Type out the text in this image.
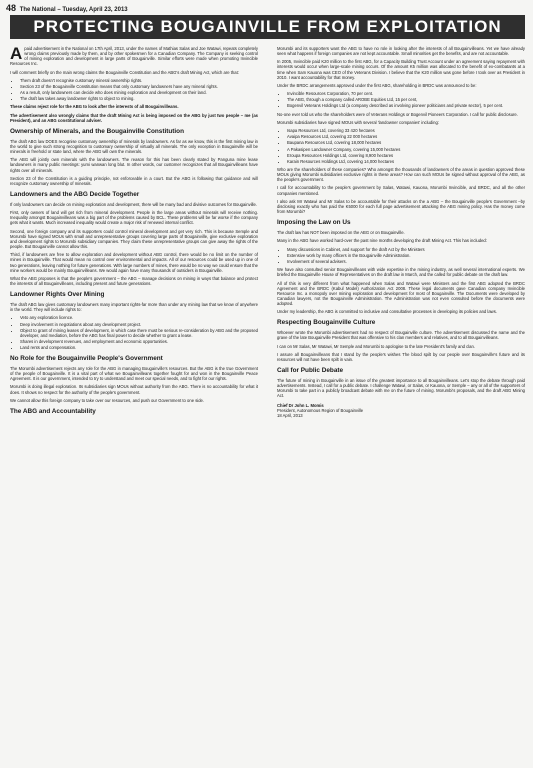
48 The National – Tuesday, April 23, 2013
PROTECTING BOUGAINVILLE FROM EXPLOITATION

Apaid advertisement in the National on 17th April, 2013, under the names of Mathias Salas and Joe Watawi, repeats completely wrong claims previously made by them, and by other spokesmen for a Canadian Company. The Company is seeking control of mining exploration and development in large parts of Bougainville. Similar efforts were made when promoting Invincible Resources Inc.

I will comment briefly on the main wrong claims the Bougainville Constitution and the ABG's draft Mining Act, which are that:

• Them draft doesn't recognise customary mineral ownership rights.
• Section 23 of the Bougainville Constitution means that only customary landowners have any mineral rights.
• As a result, only landowners can decide who does mining exploration and development on their land.
• The draft law takes away landowner rights to object to mining.

These claims reject role for the ABG to look after the interests of all Bougainvilleans.

The advertisement also wrongly claims that the draft Mining Act is being imposed on the ABG by just two people – me (as President), and an ABG constitutional adviser.

Ownership of Minerals, and the Bougainville Constitution

The draft ABG law DOES recognise customary ownership of minerals by landowners. As far as we know, this is the first mining law in the world to give such strong recognition to customary ownership of virtually all minerals. The only exception in Bougainville will be minerals in freehold or state land, where the ABG will own the minerals.

The ABG will jointly own minerals with the landowners. The reason for this has been clearly stated by Panguna mine lease landowners in many public meetings: yumi wanwan long blut. In other words, our customer recognizes that all Bougainvilleans have rights over all minerals.

Section 23 of the Constitution is a guiding principle, not enforceable in a court. But the ABG is following that guidance and will recognize customary ownership of minerals.

Landowners and the ABG Decide Together

If only landowners can decide on mining exploration and development, there will be many bad and divisive outcomes for Bougainville.

First, only owners of land will get rich from mineral development. People in the large areas without minerals will receive nothing. Inequality amongst Bougainvilleans was a big part of the problems caused by BCL. These problems will be far worse if the company gets what it wants. Much increased inequality would create a major risk of renewed internal conflict.

Second, one foreign company and its supporters could control mineral development and get very rich. This is because Semple and Morumbi have signed MOUs with small and unrepresentative groups covering large parts of Bougainville, give exclusive exploration and development rights to Morumbi subsidiary companies. They claim these unrepresentative groups can give away the rights of the people. But Bougainville cannot allow this.

Third, if landowners are free to allow exploration and development without ABG control, there would be no limit on the number of mines in Bougainville. That would mean no control over environmental and impacts. All of our resources could be used up in one of two generations, leaving nothing for future generations. With large numbers of mines, there would be no way we could ensure that the mine workers would be mainly Bougainvilleans. We would again have many thousands of outsiders in Bougainville.

What the ABG proposes is that the people's government – the ABG – manage decisions on mining in ways that balance and protect the interests of all Bougainvilleans, including present and future generations.

Landowner Rights Over Mining

The draft ABG law gives customary landowners many important rights-far more than under any mining law that we know of anywhere in the world. They will include rights to:

• Veto any exploration licence.
• Deep involvement in negotiations about any development project.
• Object to grant of mining leases of development, in which case there must be serious re-consideration by ABG and the proposed developer, and mediation, before the ABG has final power to decide whether to grant a lease.
• Shares in development revenues, and employment and economic opportunities.
• Land rents and compensation.
No Role for the Bougainville People's Government

The Morumbi advertisement rejects any role for the ABG in managing Bougainville's resources. But the ABG is the true Government of the people of Bougainville. It is a vital part of what we Bougainvilleans together fought for and won in the Bougainville Peace Agreement. It is our government, intended to try to understand and meet our special needs, and to fight for our rights.

Morumbi is doing illegal exploration. Its subsidiaries sign MOUs without authority from the ABG. There is no accountability for what it does. It shows no respect for the authority of the people's government.

We cannot allow this foreign company to take over our resources, and push our Government to one side.

The ABG and Accountability

Morumbi and its supporters want the ABG to have no role in looking after the interests of all Bougainvilleans. Yet we have already seen what happens if foreign companies are not kept accountable. Small minorities get the benefits, and are not accountable.

In 2005, Invincible paid K20 million to the first ABG, for a Capacity Building Trust Account under an agreement saying repayment with interests would occur when large-scale mining occurs. Of the amount K5 million was allocated to the benefit of ex-combatants at a time when Sam Kauona was CEO of the Veterans Division. I believe that the K20 million was gone before I took over as President in 2010. I want accountability for that money.

Under the BRDC arrangements approved under the first ABG, shareholding in BRDC was announced to be:

• Invincible Resources Corporation, 70 per cent.
• The ABG, through a company called AROBE Equities Ltd, 15 per cent,
• Bogenvil Veterans Holdings Ltd (a company described as involving pioneer politicians and private sector), 5 per cent.

No-one ever told us who the shareholders were of Veterans Holdings or Bogenvil Pioneers Corporation. I call for public disclosure.

Morumbi subsidiaries have signed MOUs with several 'landowner companies' including:

• Isapa Resources Ltd, covering 33 420 hectares
• Avaipa Resources Ltd, covering 22 000 hectares
• Baupana Resources Ltd, covering 18,000 hectares
• A Pakasipen Landowner Company, covering 15,000 hectares
• Eroupa Resources Holdings Ltd, covering 8,900 hectares
• Karain Resources Holdings Ltd, covering 14,000 hectares

Who are the shareholders of these companies? Who amongst the thousands of landowners of the areas in question approved these MOUs giving Morumbi subsidiaries exclusive rights in these areas? How can such MOUs be signed without approval of the ABG, as the people's government.

I call for accountability to the people's government by Salas, Watawi, Kauona, Morumbi Invincible, and BRDC, and all the other companies mentioned.

I also ask Mr Watawi and Mr Salas to be accountable for their attacks on the a ABG – the Bougainville people's Government –by disclosing exactly who has paid the K5000 for each full page advertisement attacking the ABG mining policy. Has the money come from Morumbi?

Imposing the Law on Us

The draft law has NOT been imposed on the ABG or on Bougainville.

Many in the ABG have worked hard-over the past nine months developing the draft Mining Act. This has included:

• Many discussions in Cabinet, and support for the draft Act by the Ministers
• Extensive work by many officers in the Bougainville Administration.
• Involvement of several advisers.

We have also consulted senior Bougainvilleans with wide expertise in the mining industry, as well several international experts. We briefed the Bougainville House of Representatives on the draft law in March, and the called for public debate on the draft law.

All of this is very different from what happened when Salas and Watawi were Ministers and the first ABG adopted the BRDC Agreement and the BRDC (Kabul Model) Authorization Act 2008. These legal documents gave Canadian company Invincible Resource Inc. a monopoly over mining exploration and development for most of Bougainville. The Documents were developed by Canadian lawyers, not the Bougainville Administration. The Administration was not even consulted before the documents were adopted.

Under my leadership, the ABG is committed to inclusive and consultative processes in developing its policies and laws.

Respecting Bougainville Culture

Whoever wrote the Morumbi advertisement had no respect of Bougainville culture. The advertisement discussed the name and the grave of the late Bougainville President that was offensive to his clan members and relatives, and to all Bougainvilleans.

I can on Mr Salas, Mr Watawi, Mr Semple and Morumbi to apologise to the late President's family and clan.

I assure all Bougainvilleans that I stand by the people's wishes The blood spilt by our people over Bougainville's future and its resources will not have been spilt in vain.

Call for Public Debate

The future of mining in Bougainville in an issue of the greatest importance to all Bougainvilleans. Let's stop the debate through paid advertisements. Instead, I call for a public debate. I challenge Watawi, or Salas, or Kauona, or Semple – any or all of the supporters of Morumbi to take part in a publicly broadcast debate with me on the future of mining. Morumbi's proposals, and the draft ABG Mining Act.

Chief Dr John L. Momis
President, Autonomous Region of Bougainville
18 April, 2013
